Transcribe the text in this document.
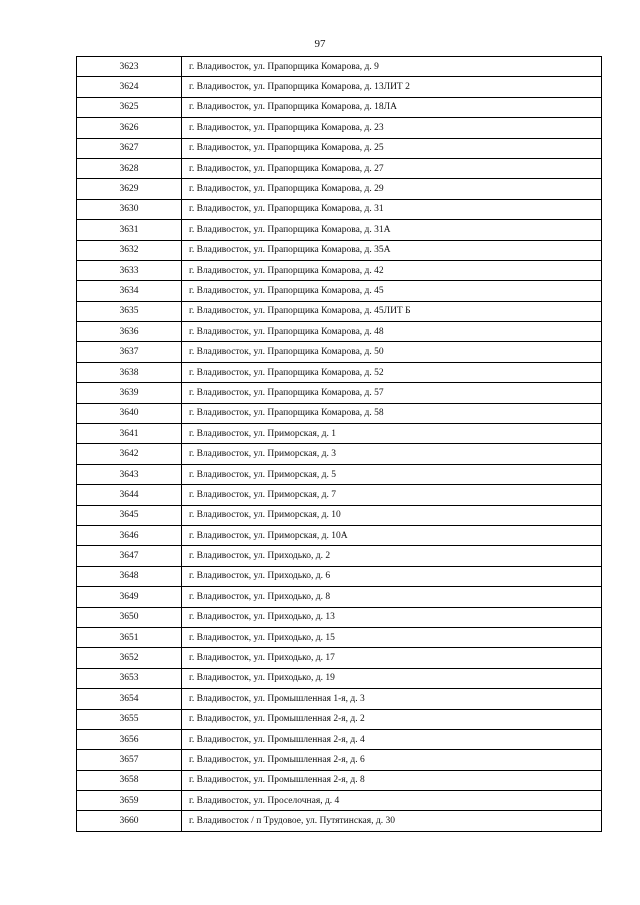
97
3623	г. Владивосток, ул. Прапорщика Комарова, д. 9
3624	г. Владивосток, ул. Прапорщика Комарова, д. 13ЛИТ 2
3625	г. Владивосток, ул. Прапорщика Комарова, д. 18ЛА
3626	г. Владивосток, ул. Прапорщика Комарова, д. 23
3627	г. Владивосток, ул. Прапорщика Комарова, д. 25
3628	г. Владивосток, ул. Прапорщика Комарова, д. 27
3629	г. Владивосток, ул. Прапорщика Комарова, д. 29
3630	г. Владивосток, ул. Прапорщика Комарова, д. 31
3631	г. Владивосток, ул. Прапорщика Комарова, д. 31А
3632	г. Владивосток, ул. Прапорщика Комарова, д. 35А
3633	г. Владивосток, ул. Прапорщика Комарова, д. 42
3634	г. Владивосток, ул. Прапорщика Комарова, д. 45
3635	г. Владивосток, ул. Прапорщика Комарова, д. 45ЛИТ Б
3636	г. Владивосток, ул. Прапорщика Комарова, д. 48
3637	г. Владивосток, ул. Прапорщика Комарова, д. 50
3638	г. Владивосток, ул. Прапорщика Комарова, д. 52
3639	г. Владивосток, ул. Прапорщика Комарова, д. 57
3640	г. Владивосток, ул. Прапорщика Комарова, д. 58
3641	г. Владивосток, ул. Приморская, д. 1
3642	г. Владивосток, ул. Приморская, д. 3
3643	г. Владивосток, ул. Приморская, д. 5
3644	г. Владивосток, ул. Приморская, д. 7
3645	г. Владивосток, ул. Приморская, д. 10
3646	г. Владивосток, ул. Приморская, д. 10А
3647	г. Владивосток, ул. Приходько, д. 2
3648	г. Владивосток, ул. Приходько, д. 6
3649	г. Владивосток, ул. Приходько, д. 8
3650	г. Владивосток, ул. Приходько, д. 13
3651	г. Владивосток, ул. Приходько, д. 15
3652	г. Владивосток, ул. Приходько, д. 17
3653	г. Владивосток, ул. Приходько, д. 19
3654	г. Владивосток, ул. Промышленная 1-я, д. 3
3655	г. Владивосток, ул. Промышленная 2-я, д. 2
3656	г. Владивосток, ул. Промышленная 2-я, д. 4
3657	г. Владивосток, ул. Промышленная 2-я, д. 6
3658	г. Владивосток, ул. Промышленная 2-я, д. 8
3659	г. Владивосток, ул. Проселочная, д. 4
3660	г. Владивосток / п Трудовое, ул. Путятинская, д. 30
